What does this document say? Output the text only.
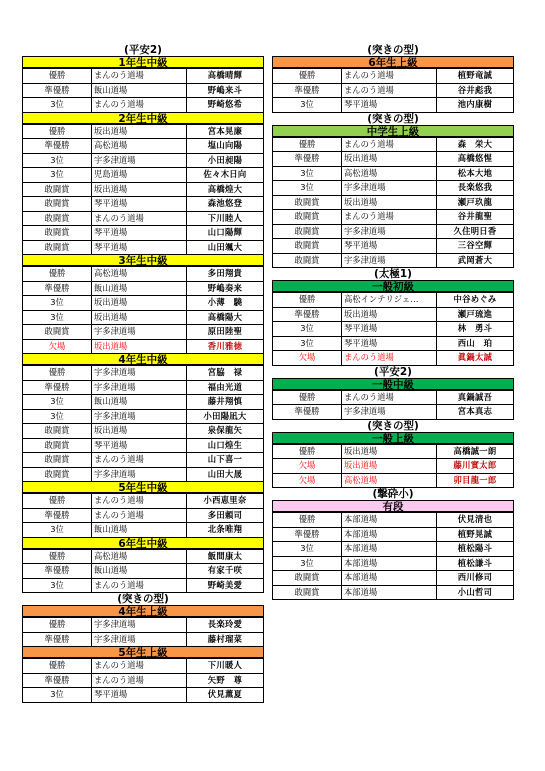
(平安2)
1年生中級
優勝	まんのう道場	高橋晴輝
準優勝	飯山道場	野嶋来斗
3位	まんのう道場	野崎悠希
2年生中級
優勝	坂出道場	宮本晃廉
準優勝	高松道場	塩山向陽
3位	宇多津道場	小田昶陽
3位	児島道場	佐々木日向
敢闘賞	坂出道場	高橋煌大
敢闘賞	琴平道場	森池悠登
敢闘賞	まんのう道場	下川睦人
敢闘賞	琴平道場	山口陽輝
敢闘賞	琴平道場	山田颯大
3年生中級
優勝	高松道場	多田翔貴
準優勝	飯山道場	野嶋奏来
3位	坂出道場	小薄　驍
3位	坂出道場	高橋陽大
敢闘賞	宇多津道場	原田陸聖
欠場	坂出道場	香川雅徳
4年生中級
優勝	宇多津道場	宮脇　禄
準優勝	宇多津道場	福由光道
3位	飯山道場	藤井翔慎
3位	宇多津道場	小田陽凪大
敢闘賞	坂出道場	泉保龍矢
敢闘賞	琴平道場	山口煌生
敢闘賞	まんのう道場	山下喜一
敢闘賞	宇多津道場	山田大晟
5年生中級
優勝	まんのう道場	小西恵里奈
準優勝	まんのう道場	多田頼司
3位	飯山道場	北条唯翔
6年生中級
優勝	高松道場	飯間康太
準優勝	飯山道場	有家千咲
3位	まんのう道場	野崎美愛
(突きの型)
4年生上級
優勝	宇多津道場	長楽玲愛
準優勝	宇多津道場	藤村瑠菜
5年生上級
優勝	まんのう道場	下川暖人
準優勝	まんのう道場	矢野　尊
3位	琴平道場	伏見薫夏
(突きの型)
6年生上級
優勝	まんのう道場	植野竜誠
準優勝	まんのう道場	谷井彪我
3位	琴平道場	池内康樹
(突きの型)
中学生上級
優勝	まんのう道場	森　栄大
準優勝	坂出道場	高橋悠惺
3位	高松道場	松本大地
3位	宇多津道場	長楽悠我
敢闘賞	坂出道場	瀬戸玖龍
敢闘賞	まんのう道場	谷井龍聖
敢闘賞	宇多津道場	久住明日香
敢闘賞	琴平道場	三谷空輝
敢闘賞	宇多津道場	武岡蒼大
(太極1)
一般初級
優勝	高松インテリジェ…	中谷めぐみ
準優勝	坂出道場	瀬戸琉進
3位	琴平道場	林　勇斗
3位	琴平道場	西山　珀
欠場	まんのう道場	眞鍋太誠
(平安2)
一般中級
優勝	まんのう道場	真鍋誠吾
準優勝	宇多津道場	宮本真志
(突きの型)
一般上級
優勝	坂出道場	高橋誠一朗
欠場	坂出道場	藤川實太郎
欠場	高松道場	卯目龍一郎
(撃砕小)
有段
優勝	本部道場	伏見清也
準優勝	本部道場	植野晃誠
3位	本部道場	植松陽斗
3位	本部道場	植松謙斗
敢闘賞	本部道場	西川修司
敢闘賞	本部道場	小山哲司
